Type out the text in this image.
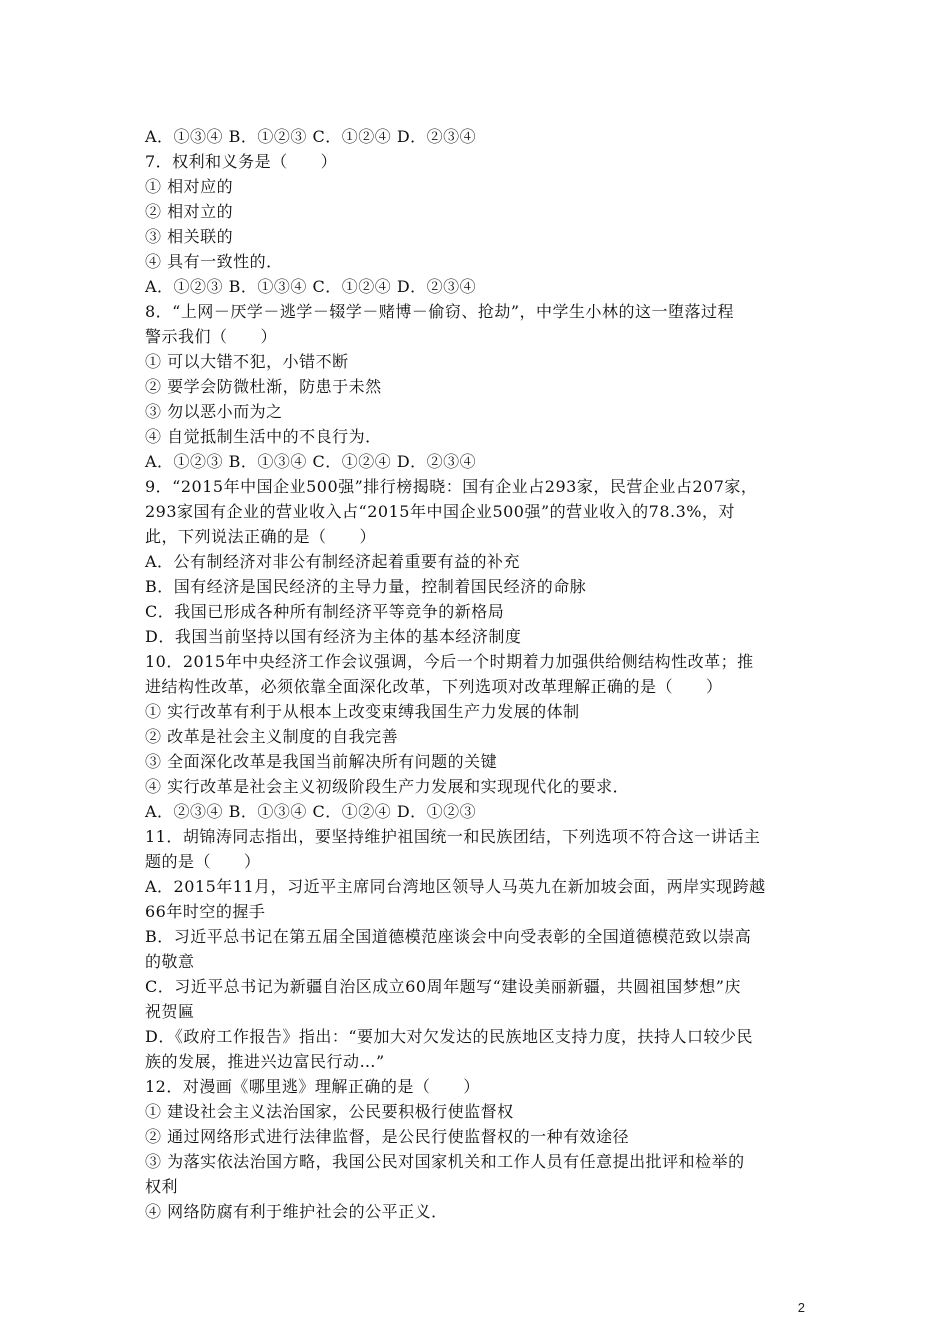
A．①③④ B．①②③ C．①②④ D．②③④
7．权利和义务是（　　）
① 相对应的
② 相对立的
③ 相关联的
④ 具有一致性的．
A．①②③ B．①③④ C．①②④ D．②③④
8．“上网－厌学－逃学－辍学－赌博－偷窃、抢劫”，中学生小林的这一堕落过程
警示我们（　　）
① 可以大错不犯，小错不断
② 要学会防微杜渐，防患于未然
③ 勿以恶小而为之
④ 自觉抵制生活中的不良行为．
A．①②③ B．①③④ C．①②④ D．②③④
9．“2015年中国企业500强”排行榜揭晓：国有企业占293家，民营企业占207家，
293家国有企业的营业收入占“2015年中国企业500强”的营业收入的78.3%，对
此，下列说法正确的是（　　）
A．公有制经济对非公有制经济起着重要有益的补充
B．国有经济是国民经济的主导力量，控制着国民经济的命脉
C．我国已形成各种所有制经济平等竞争的新格局
D．我国当前坚持以国有经济为主体的基本经济制度
10．2015年中央经济工作会议强调，今后一个时期着力加强供给侧结构性改革；推
进结构性改革，必须依靠全面深化改革，下列选项对改革理解正确的是（　　）
① 实行改革有利于从根本上改变束缚我国生产力发展的体制
② 改革是社会主义制度的自我完善
③ 全面深化改革是我国当前解决所有问题的关键
④ 实行改革是社会主义初级阶段生产力发展和实现现代化的要求．
A．②③④ B．①③④ C．①②④ D．①②③
11．胡锦涛同志指出，要坚持维护祖国统一和民族团结，下列选项不符合这一讲话主
题的是（　　）
A．2015年11月，习近平主席同台湾地区领导人马英九在新加坡会面，两岸实现跨越
66年时空的握手
B．习近平总书记在第五届全国道德模范座谈会中向受表彰的全国道德模范致以崇高
的敬意
C．习近平总书记为新疆自治区成立60周年题写“建设美丽新疆，共圆祖国梦想”庆
祝贺匾
D．《政府工作报告》指出：“要加大对欠发达的民族地区支持力度，扶持人口较少民
族的发展，推进兴边富民行动…”
12．对漫画《哪里逃》理解正确的是（　　）
① 建设社会主义法治国家，公民要积极行使监督权
② 通过网络形式进行法律监督，是公民行使监督权的一种有效途径
③ 为落实依法治国方略，我国公民对国家机关和工作人员有任意提出批评和检举的
权利
④ 网络防腐有利于维护社会的公平正义．
2
